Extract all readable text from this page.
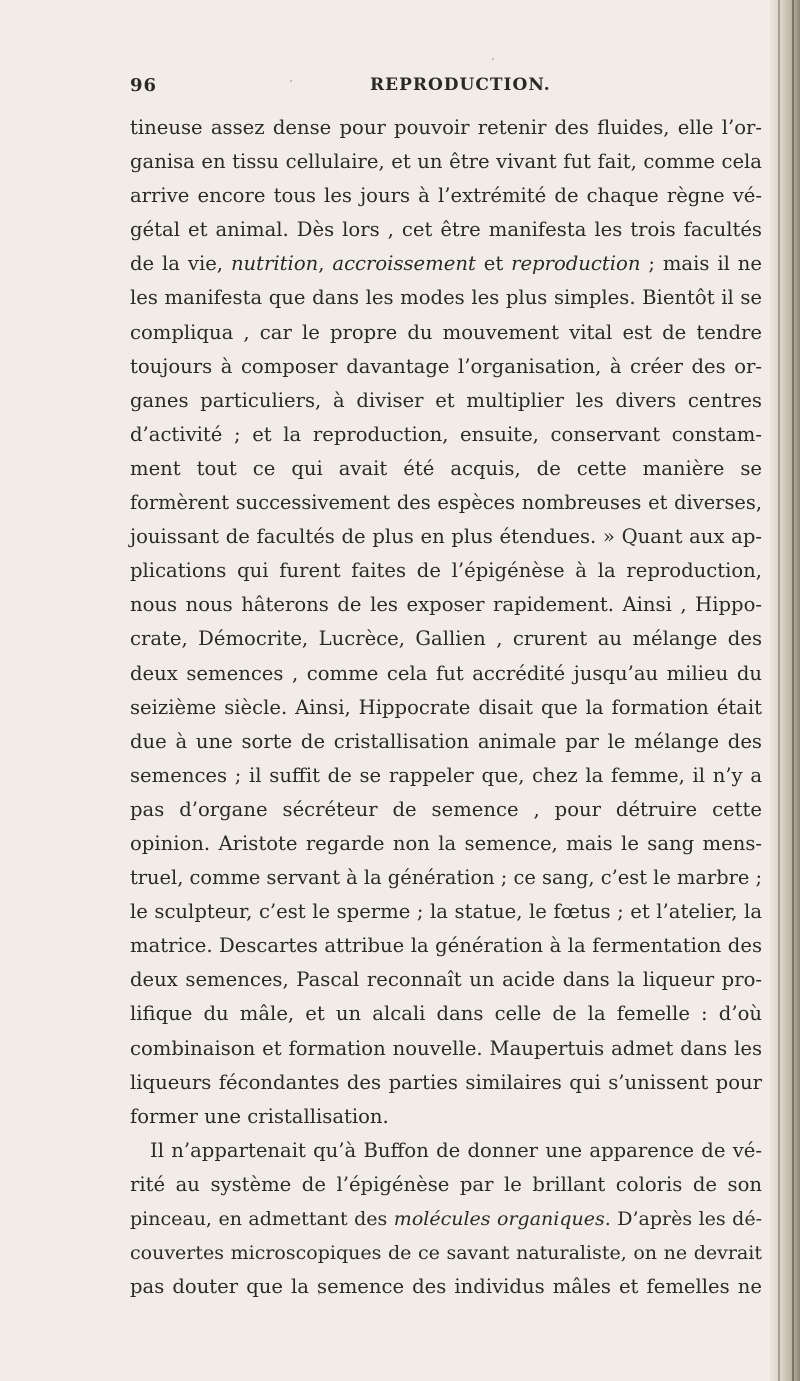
96	REPRODUCTION.
tineuse assez dense pour pouvoir retenir des fluides, elle l’or-
ganisa en tissu cellulaire, et un être vivant fut fait, comme cela
arrive encore tous les jours à l’extrémité de chaque règne vé-
gétal et animal. Dès lors , cet être manifesta les trois facultés
de la vie, nutrition, accroissement et reproduction ; mais il ne
les manifesta que dans les modes les plus simples. Bientôt il se
compliqua , car le propre du mouvement vital est de tendre
toujours à composer davantage l’organisation, à créer des or-
ganes particuliers, à diviser et multiplier les divers centres
d’activité ; et la reproduction, ensuite, conservant constam-
ment tout ce qui avait été acquis, de cette manière se
formèrent successivement des espèces nombreuses et diverses,
jouissant de facultés de plus en plus étendues. » Quant aux ap-
plications qui furent faites de l’épigénèse à la reproduction,
nous nous hâterons de les exposer rapidement. Ainsi , Hippo-
crate, Démocrite, Lucrèce, Gallien , crurent au mélange des
deux semences , comme cela fut accrédité jusqu’au milieu du
seizième siècle. Ainsi, Hippocrate disait que la formation était
due à une sorte de cristallisation animale par le mélange des
semences ; il suffit de se rappeler que, chez la femme, il n’y a
pas d’organe sécréteur de semence , pour détruire cette
opinion. Aristote regarde non la semence, mais le sang mens-
truel, comme servant à la génération ; ce sang, c’est le marbre ;
le sculpteur, c’est le sperme ; la statue, le fœtus ; et l’atelier, la
matrice. Descartes attribue la génération à la fermentation des
deux semences, Pascal reconnaît un acide dans la liqueur pro-
lifique du mâle, et un alcali dans celle de la femelle : d’où
combinaison et formation nouvelle. Maupertuis admet dans les
liqueurs fécondantes des parties similaires qui s’unissent pour
former une cristallisation.
Il n’appartenait qu’à Buffon de donner une apparence de vé-
rité au système de l’épigénèse par le brillant coloris de son
pinceau, en admettant des molécules organiques. D’après les dé-
couvertes microscopiques de ce savant naturaliste, on ne devrait
pas douter que la semence des individus mâles et femelles ne
